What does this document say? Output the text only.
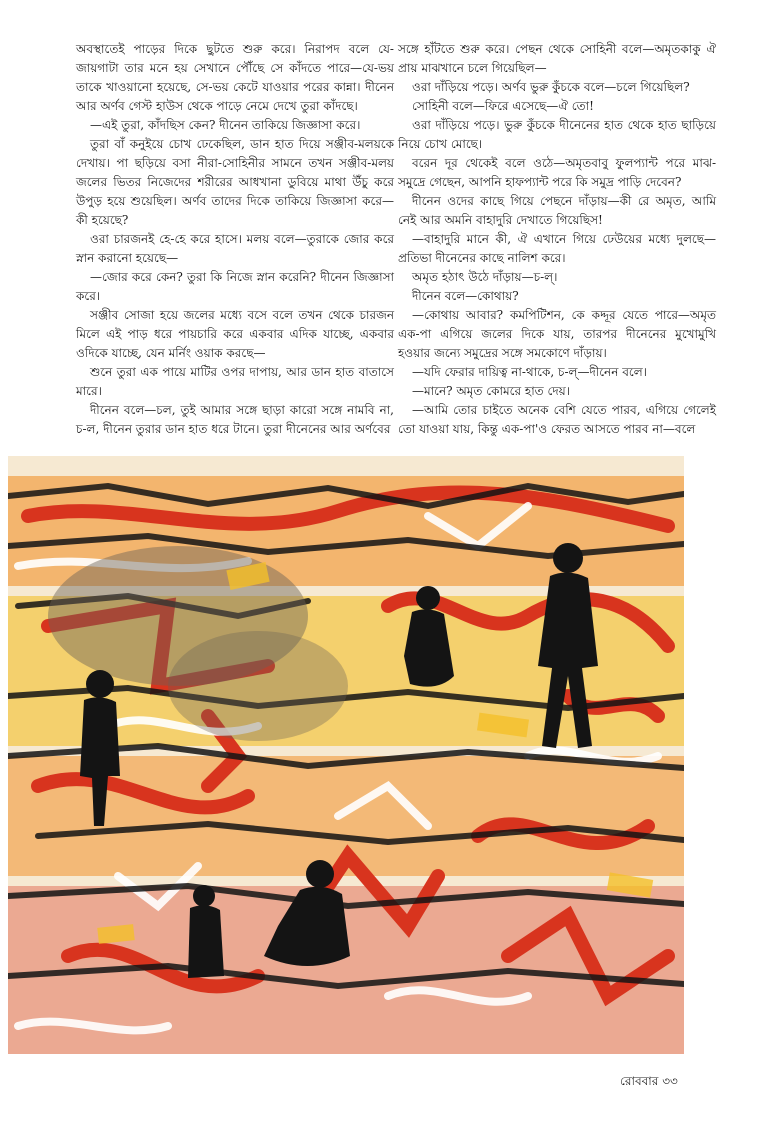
অবস্থাতেই পাড়ের দিকে ছুটতে শুরু করে। নিরাপদ বলে যে-জায়গাটা তার মনে হয় সেখানে পৌঁছে সে কাঁদতে পারে—যে-ভয় তাকে খাওয়ানো হয়েছে, সে-ভয় কেটে যাওয়ার পরের কান্না। দীনেন আর অর্ণব গেস্ট হাউস থেকে পাড়ে নেমে দেখে তুরা কাঁদছে।

—এই তুরা, কাঁদছিস কেন? দীনেন তাকিয়ে জিজ্ঞাসা করে।

তুরা বাঁ কনুইয়ে চোখ ঢেকেছিল, ডান হাত দিয়ে সঞ্জীব-মলয়কে দেখায়। পা ছড়িয়ে বসা নীরা-সোহিনীর সামনে তখন সঞ্জীব-মলয় জলের ভিতর নিজেদের শরীরের আধখানা ডুবিয়ে মাথা উঁচু করে উপুড় হয়ে শুয়েছিল। অর্ণব তাদের দিকে তাকিয়ে জিজ্ঞাসা করে—কী হয়েছে?

ওরা চারজনই হে-হে করে হাসে। মলয় বলে—তুরাকে জোর করে স্নান করানো হয়েছে—

—জোর করে কেন? তুরা কি নিজে স্নান করেনি? দীনেন জিজ্ঞাসা করে।

সঞ্জীব সোজা হয়ে জলের মধ্যে বসে বলে তখন থেকে চারজন মিলে এই পাড় ধরে পায়চারি করে একবার এদিক যাচ্ছে, একবার ওদিকে যাচ্ছে, যেন মর্নিং ওয়াক করছে—

শুনে তুরা এক পায়ে মাটির ওপর দাপায়, আর ডান হাত বাতাসে মারে।

দীনেন বলে—চল, তুই আমার সঙ্গে ছাড়া কারো সঙ্গে নামবি না, চ-ল, দীনেন তুরার ডান হাত ধরে টানে। তুরা দীনেনের আর অর্ণবের

সঙ্গে হাঁটতে শুরু করে। পেছন থেকে সোহিনী বলে—অমৃতকাকু ঐ প্রায় মাঝখানে চলে গিয়েছিল—

ওরা দাঁড়িয়ে পড়ে। অর্ণব ভুরু কুঁচকে বলে—চলে গিয়েছিল?

সোহিনী বলে—ফিরে এসেছে—ঐ তো!

ওরা দাঁড়িয়ে পড়ে। ভুরু কুঁচকে দীনেনের হাত থেকে হাত ছাড়িয়ে নিয়ে চোখ মোছে।

বরেন দূর থেকেই বলে ওঠে—অমৃতবাবু ফুলপ্যান্ট পরে মাঝ-সমুদ্রে গেছেন, আপনি হাফপ্যান্ট পরে কি সমুদ্র পাড়ি দেবেন?

দীনেন ওদের কাছে গিয়ে পেছনে দাঁড়ায়—কী রে অমৃত, আমি নেই আর অমনি বাহাদুরি দেখাতে গিয়েছিস!

—বাহাদুরি মানে কী, ঐ এখানে গিয়ে ঢেউয়ের মধ্যে দুলছে—প্রতিভা দীনেনের কাছে নালিশ করে।

অমৃত হঠাৎ উঠে দাঁড়ায়—চ-ল্।

দীনেন বলে—কোথায়?

—কোথায় আবার? কমপিটিশন, কে কদ্দূর যেতে পারে—অমৃত এক-পা এগিয়ে জলের দিকে যায়, তারপর দীনেনের মুখোমুখি হওয়ার জন্যে সমুদ্রের সঙ্গে সমকোণে দাঁড়ায়।

—যদি ফেরার দায়িত্ব না-থাকে, চ-ল্—দীনেন বলে।

—মানে? অমৃত কোমরে হাত দেয়।

—আমি তোর চাইতে অনেক বেশি যেতে পারব, এগিয়ে গেলেই তো যাওয়া যায়, কিন্তু এক-পা'ও ফেরত আসতে পারব না—বলে

রোববার ৩৩
